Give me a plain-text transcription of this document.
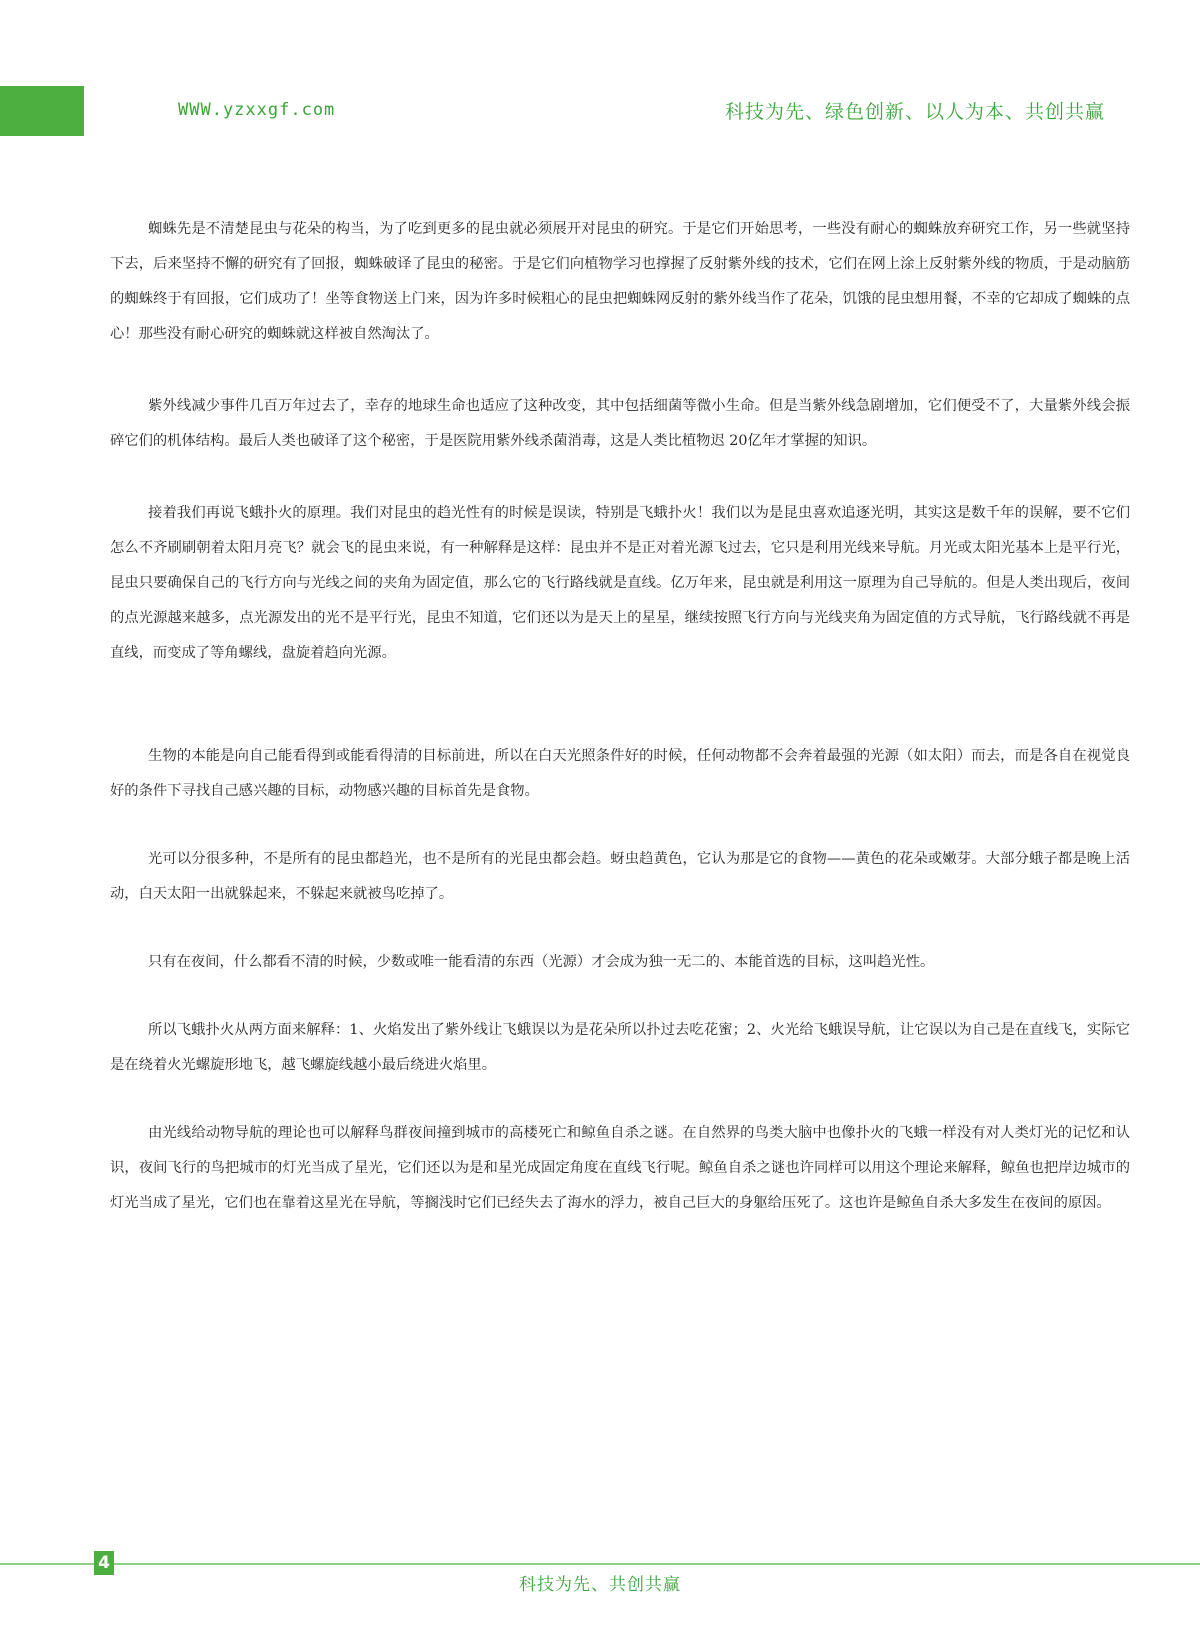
WWW.yzxxgf.com	科技为先、绿色创新、以人为本、共创共赢

蜘蛛先是不清楚昆虫与花朵的构当，为了吃到更多的昆虫就必须展开对昆虫的研究。于是它们开始思考，一些没有耐心的蜘蛛放弃研究工作，另一些就坚持下去，后来坚持不懈的研究有了回报，蜘蛛破译了昆虫的秘密。于是它们向植物学习也撑握了反射紫外线的技术，它们在网上涂上反射紫外线的物质，于是动脑筋的蜘蛛终于有回报，它们成功了！坐等食物送上门来，因为许多时候粗心的昆虫把蜘蛛网反射的紫外线当作了花朵，饥饿的昆虫想用餐，不幸的它却成了蜘蛛的点心！那些没有耐心研究的蜘蛛就这样被自然淘汰了。

紫外线减少事件几百万年过去了，幸存的地球生命也适应了这种改变，其中包括细菌等微小生命。但是当紫外线急剧增加，它们便受不了，大量紫外线会振碎它们的机体结构。最后人类也破译了这个秘密，于是医院用紫外线杀菌消毒，这是人类比植物迟 20亿年才掌握的知识。

接着我们再说飞蛾扑火的原理。我们对昆虫的趋光性有的时候是误读，特别是飞蛾扑火！我们以为是昆虫喜欢追逐光明，其实这是数千年的误解，要不它们怎么不齐刷刷朝着太阳月亮飞？就会飞的昆虫来说，有一种解释是这样：昆虫并不是正对着光源飞过去，它只是利用光线来导航。月光或太阳光基本上是平行光，昆虫只要确保自己的飞行方向与光线之间的夹角为固定值，那么它的飞行路线就是直线。亿万年来，昆虫就是利用这一原理为自己导航的。但是人类出现后，夜间的点光源越来越多，点光源发出的光不是平行光，昆虫不知道，它们还以为是天上的星星，继续按照飞行方向与光线夹角为固定值的方式导航，飞行路线就不再是直线，而变成了等角螺线，盘旋着趋向光源。

生物的本能是向自己能看得到或能看得清的目标前进，所以在白天光照条件好的时候，任何动物都不会奔着最强的光源（如太阳）而去，而是各自在视觉良好的条件下寻找自己感兴趣的目标，动物感兴趣的目标首先是食物。

光可以分很多种，不是所有的昆虫都趋光，也不是所有的光昆虫都会趋。蚜虫趋黄色，它认为那是它的食物——黄色的花朵或嫩芽。大部分蛾子都是晚上活动，白天太阳一出就躲起来，不躲起来就被鸟吃掉了。

只有在夜间，什么都看不清的时候，少数或唯一能看清的东西（光源）才会成为独一无二的、本能首选的目标，这叫趋光性。

所以飞蛾扑火从两方面来解释：1、火焰发出了紫外线让飞蛾误以为是花朵所以扑过去吃花蜜；2、火光给飞蛾误导航，让它误以为自己是在直线飞，实际它是在绕着火光螺旋形地飞，越飞螺旋线越小最后绕进火焰里。

由光线给动物导航的理论也可以解释鸟群夜间撞到城市的高楼死亡和鲸鱼自杀之谜。在自然界的鸟类大脑中也像扑火的飞蛾一样没有对人类灯光的记忆和认识，夜间飞行的鸟把城市的灯光当成了星光，它们还以为是和星光成固定角度在直线飞行呢。鲸鱼自杀之谜也许同样可以用这个理论来解释，鲸鱼也把岸边城市的灯光当成了星光，它们也在靠着这星光在导航，等搁浅时它们已经失去了海水的浮力，被自己巨大的身躯给压死了。这也许是鲸鱼自杀大多发生在夜间的原因。

4
科技为先、共创共赢
